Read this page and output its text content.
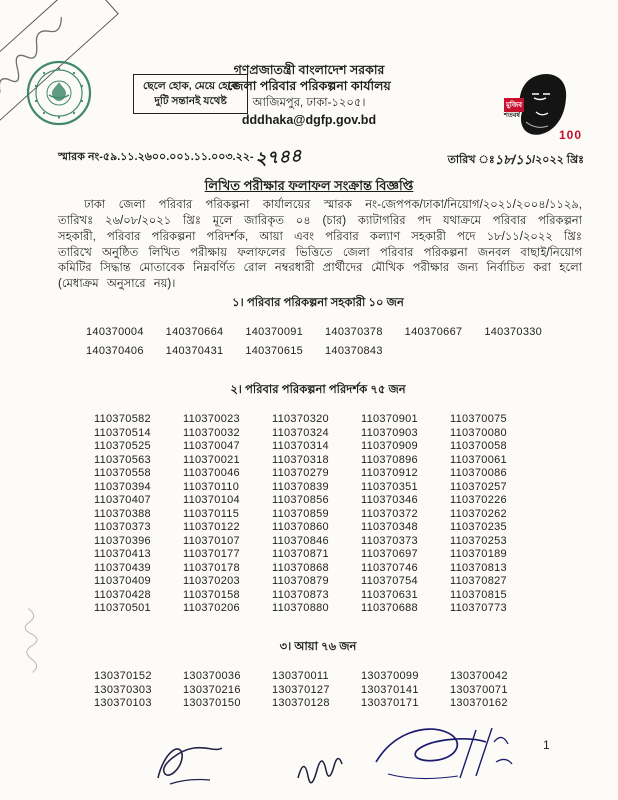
ছেলে হোক, মেয়ে হোক
দুটি সন্তানই যথেষ্ট
গণপ্রজাতন্ত্রী বাংলাদেশ সরকার
জেলা পরিবার পরিকল্পনা কার্যালয়
আজিমপুর, ঢাকা-১২০৫।
dddhaka@dgfp.gov.bd
মুজিব
শতবর্ষ
100
স্মারক নং-৫৯.১১.২৬০০.০০১.১১.০০৩.২২-২৭৪৪	তারিখ ঃ১৮/১১/২০২২ খ্রিঃ
লিখিত পরীক্ষার ফলাফল সংক্রান্ত বিজ্ঞপ্তি

ঢাকা জেলা পরিবার পরিকল্পনা কার্যালয়ের স্মারক নং-জেপপক/ঢাকা/নিয়োগ/২০২১/২০০৪/১১২৯, তারিখঃ ২৬/০৮/২০২১ খ্রিঃ মূলে জারিকৃত ০৪ (চার) ক্যাটাগরির পদ যথাক্রমে পরিবার পরিকল্পনা সহকারী, পরিবার পরিকল্পনা পরিদর্শক, আয়া এবং পরিবার কল্যাণ সহকারী পদে ১৮/১১/২০২২ খ্রিঃ তারিখে অনুষ্ঠিত লিখিত পরীক্ষায় ফলাফলের ভিত্তিতে জেলা পরিবার পরিকল্পনা জনবল বাছাই/নিয়োগ কমিটির সিদ্ধান্ত মোতাবেক নিম্নবর্ণিত রোল নম্বরধারী প্রার্থীদের মৌখিক পরীক্ষার জন্য নির্বাচিত করা হলো (মেধাক্রম অনুসারে নয়)।

১। পরিবার পরিকল্পনা সহকারী ১০ জন
140370004	140370664	140370091	140370378	140370667	140370330
140370406	140370431	140370615	140370843
২। পরিবার পরিকল্পনা পরিদর্শক ৭৫ জন
110370582	110370023	110370320	110370901	110370075
110370514	110370032	110370324	110370903	110370080
110370525	110370047	110370314	110370909	110370058
110370563	110370021	110370318	110370896	110370061
110370558	110370046	110370279	110370912	110370086
110370394	110370110	110370839	110370351	110370257
110370407	110370104	110370856	110370346	110370226
110370388	110370115	110370859	110370372	110370262
110370373	110370122	110370860	110370348	110370235
110370396	110370107	110370846	110370373	110370253
110370413	110370177	110370871	110370697	110370189
110370439	110370178	110370868	110370746	110370813
110370409	110370203	110370879	110370754	110370827
110370428	110370158	110370873	110370631	110370815
110370501	110370206	110370880	110370688	110370773
৩। আয়া ৭৬ জন
130370152	130370036	130370011	130370099	130370042
130370303	130370216	130370127	130370141	130370071
130370103	130370150	130370128	130370171	130370162
1
